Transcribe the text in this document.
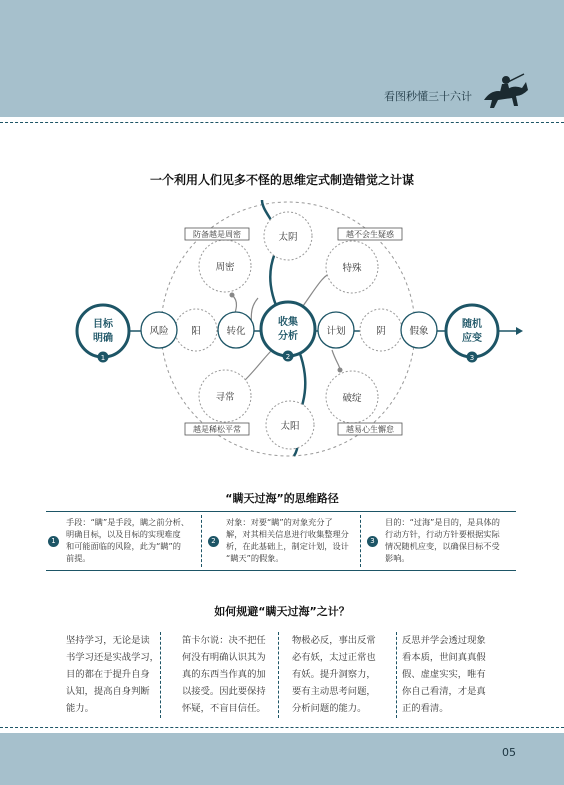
看图秒懂三十六计
一个利用人们见多不怪的思维定式制造错觉之计谋
1	2	3
防备越是周密	越不会生疑惑
越是稀松平常	越易心生懈怠
风险 阳	转化	计划	阴 假象
太阴
太阳
周密	特殊
寻常	破绽
目标
明确
收集
分析
随机
应变
“瞒天过海”的思维路径
1
手段：“瞒”是手段，瞒之前分析、
明确目标，以及目标的实现难度
和可能面临的风险，此为“瞒”的
前提。
2
对象：对要“瞒”的对象充分了
解，对其相关信息进行收集整理分
析，在此基础上，制定计划，设计
“瞒天”的假象。
3
目的：“过海”是目的，是具体的
行动方针，行动方针要根据实际
情况随机应变，以确保目标不受
影响。
如何规避“瞒天过海”之计？
坚持学习，无论是读
书学习还是实战学习，
目的都在于提升自身
认知，提高自身判断
能力。
笛卡尔说：决不把任
何没有明确认识其为
真的东西当作真的加
以接受。因此要保持
怀疑，不盲目信任。
物极必反，事出反常
必有妖，太过正常也
有妖。提升洞察力，
要有主动思考问题，
分析问题的能力。
反思并学会透过现象
看本质，世间真真假
假、虚虚实实，唯有
你自己看清，才是真
正的看清。
05
